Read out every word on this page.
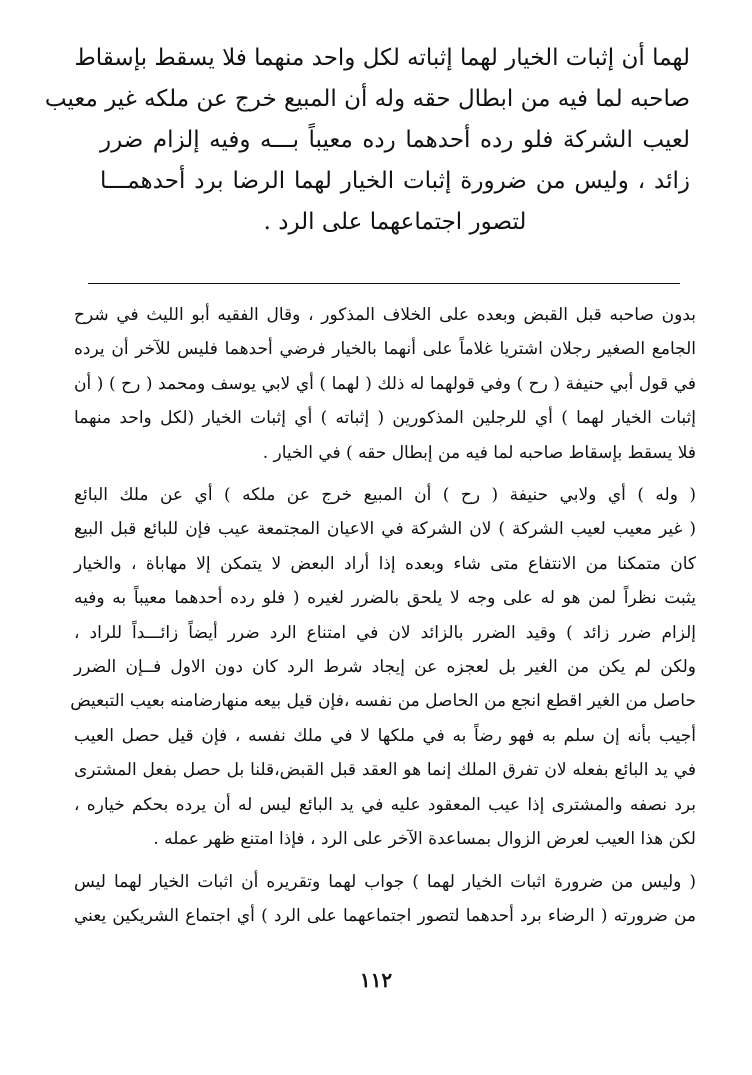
لهما أن إثبات الخيار لهما إثباته لكل واحد منهما فلا يسقط بإسقاط
صاحبه لما فيه من ابطال حقه وله أن المبيع خرج عن ملكه غير معيب
لعيب الشركة فلو رده أحدهما رده معيباً بـــه وفيه إلزام ضرر
زائد ، وليس من ضرورة إثبات الخيار لهما الرضا برد أحدهمـــا
لتصور اجتماعهما على الرد .
بدون صاحبه قبل القبض وبعده على الخلاف المذكور ، وقال الفقيه أبو الليث في شرح
الجامع الصغير رجلان اشتريا غلاماً على أنهما بالخيار فرضي أحدهما فليس للآخر أن يرده
في قول أبي حنيفة ( رح ) وفي قولهما له ذلك ( لهما ) أي لابي يوسف ومحمد ( رح ) ( أن
إثبات الخيار لهما ) أي للرجلين المذكورين ( إثباته ) أي إثبات الخيار (لكل واحد منهما
فلا يسقط بإسقاط صاحبه لما فيه من إبطال حقه ) في الخيار .
( وله ) أي ولابي حنيفة ( رح ) أن المبيع خرج عن ملكه ) أي عن ملك البائع
( غير معيب لعيب الشركة ) لان الشركة في الاعيان المجتمعة عيب فإن للبائع قبل البيع
كان متمكنا من الانتفاع متى شاء وبعده إذا أراد البعض لا يتمكن إلا مهاباة ، والخيار
يثبت نظراً لمن هو له على وجه لا يلحق بالضرر لغيره ( فلو رده أحدهما معيباً به وفيه
إلزام ضرر زائد ) وقيد الضرر بالزائد لان في امتناع الرد ضرر أيضاً زائـــداً للراد ،
ولكن لم يكن من الغير بل لعجزه عن إيجاد شرط الرد كان دون الاول فــإن الضرر
حاصل من الغير اقطع انجع من الحاصل من نفسه ،فإن قيل بيعه منهارضامنه بعيب التبعيض
أجيب بأنه إن سلم به فهو رضاً به في ملكها لا في ملك نفسه ، فإن قيل حصل العيب
في يد البائع بفعله لان تفرق الملك إنما هو العقد قبل القبض،قلنا بل حصل بفعل المشترى
برد نصفه والمشترى إذا عيب المعقود عليه في يد البائع ليس له أن يرده بحكم خياره ،
لكن هذا العيب لعرض الزوال بمساعدة الآخر على الرد ، فإذا امتنع ظهر عمله .
( وليس من ضرورة اثبات الخيار لهما ) جواب لهما وتقريره أن اثبات الخيار لهما ليس
من ضرورته ( الرضاء برد أحدهما لتصور اجتماعهما على الرد ) أي اجتماع الشريكين يعني
١١٢
